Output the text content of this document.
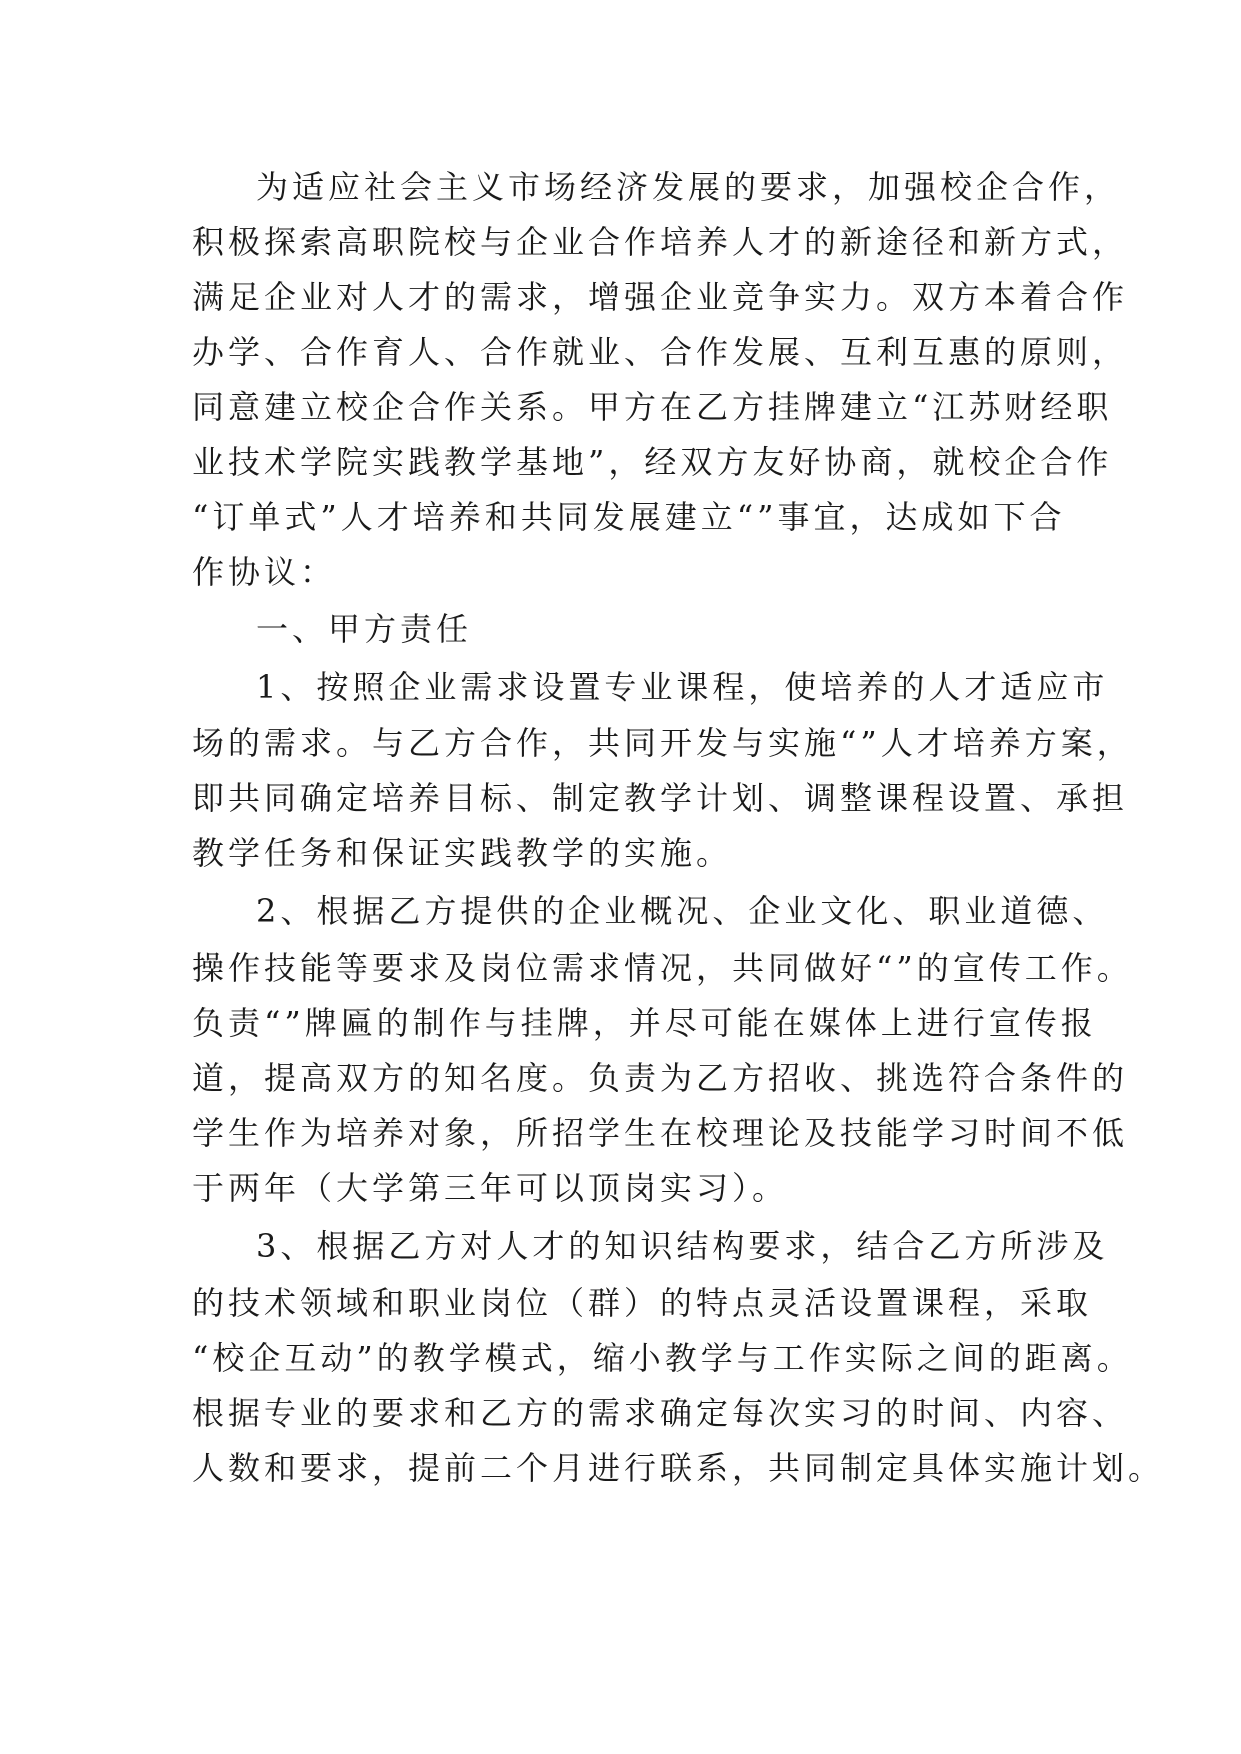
为适应社会主义市场经济发展的要求，加强校企合作，
积极探索高职院校与企业合作培养人才的新途径和新方式，
满足企业对人才的需求，增强企业竞争实力。双方本着合作
办学、合作育人、合作就业、合作发展、互利互惠的原则，
同意建立校企合作关系。甲方在乙方挂牌建立“江苏财经职
业技术学院实践教学基地”，经双方友好协商，就校企合作
“订单式”人才培养和共同发展建立“”事宜，达成如下合
作协议：
一、甲方责任
1、按照企业需求设置专业课程，使培养的人才适应市
场的需求。与乙方合作，共同开发与实施“”人才培养方案，
即共同确定培养目标、制定教学计划、调整课程设置、承担
教学任务和保证实践教学的实施。
2、根据乙方提供的企业概况、企业文化、职业道德、
操作技能等要求及岗位需求情况，共同做好“”的宣传工作。
负责“”牌匾的制作与挂牌，并尽可能在媒体上进行宣传报
道，提高双方的知名度。负责为乙方招收、挑选符合条件的
学生作为培养对象，所招学生在校理论及技能学习时间不低
于两年（大学第三年可以顶岗实习）。
3、根据乙方对人才的知识结构要求，结合乙方所涉及
的技术领域和职业岗位（群）的特点灵活设置课程，采取
“校企互动”的教学模式，缩小教学与工作实际之间的距离。
根据专业的要求和乙方的需求确定每次实习的时间、内容、
人数和要求，提前二个月进行联系，共同制定具体实施计划。
